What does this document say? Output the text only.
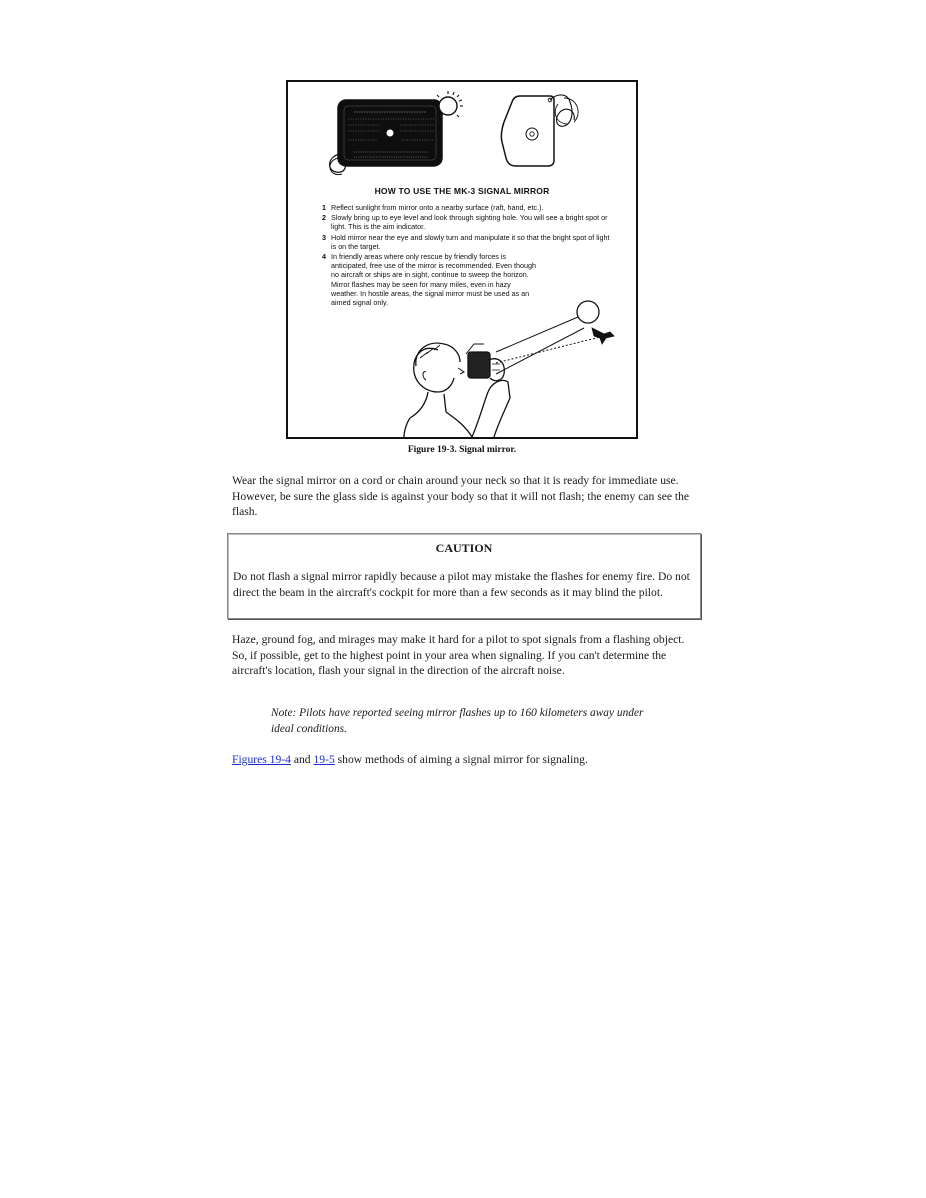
HOW TO USE THE MK-3 SIGNAL MIRROR
1 Reflect sunlight from mirror onto a nearby surface (raft, hand, etc.).
2 Slowly bring up to eye level and look through sighting hole. You will see a bright spot or light. This is the aim indicator.
3 Hold mirror near the eye and slowly turn and manipulate it so that the bright spot of light is on the target.
4 In friendly areas where only rescue by friendly forces is anticipated, free use of the mirror is recommended. Even though no aircraft or ships are in sight, continue to sweep the horizon. Mirror flashes may be seen for many miles, even in hazy weather. In hostile areas, the signal mirror must be used as an aimed signal only.
Figure 19-3. Signal mirror.

Wear the signal mirror on a cord or chain around your neck so that it is ready for immediate use. However, be sure the glass side is against your body so that it will not flash; the enemy can see the flash.

CAUTION

Do not flash a signal mirror rapidly because a pilot may mistake the flashes for enemy fire. Do not direct the beam in the aircraft's cockpit for more than a few seconds as it may blind the pilot.

Haze, ground fog, and mirages may make it hard for a pilot to spot signals from a flashing object. So, if possible, get to the highest point in your area when signaling. If you can't determine the aircraft's location, flash your signal in the direction of the aircraft noise.

Note: Pilots have reported seeing mirror flashes up to 160 kilometers away under ideal conditions.

Figures 19-4 and 19-5 show methods of aiming a signal mirror for signaling.
